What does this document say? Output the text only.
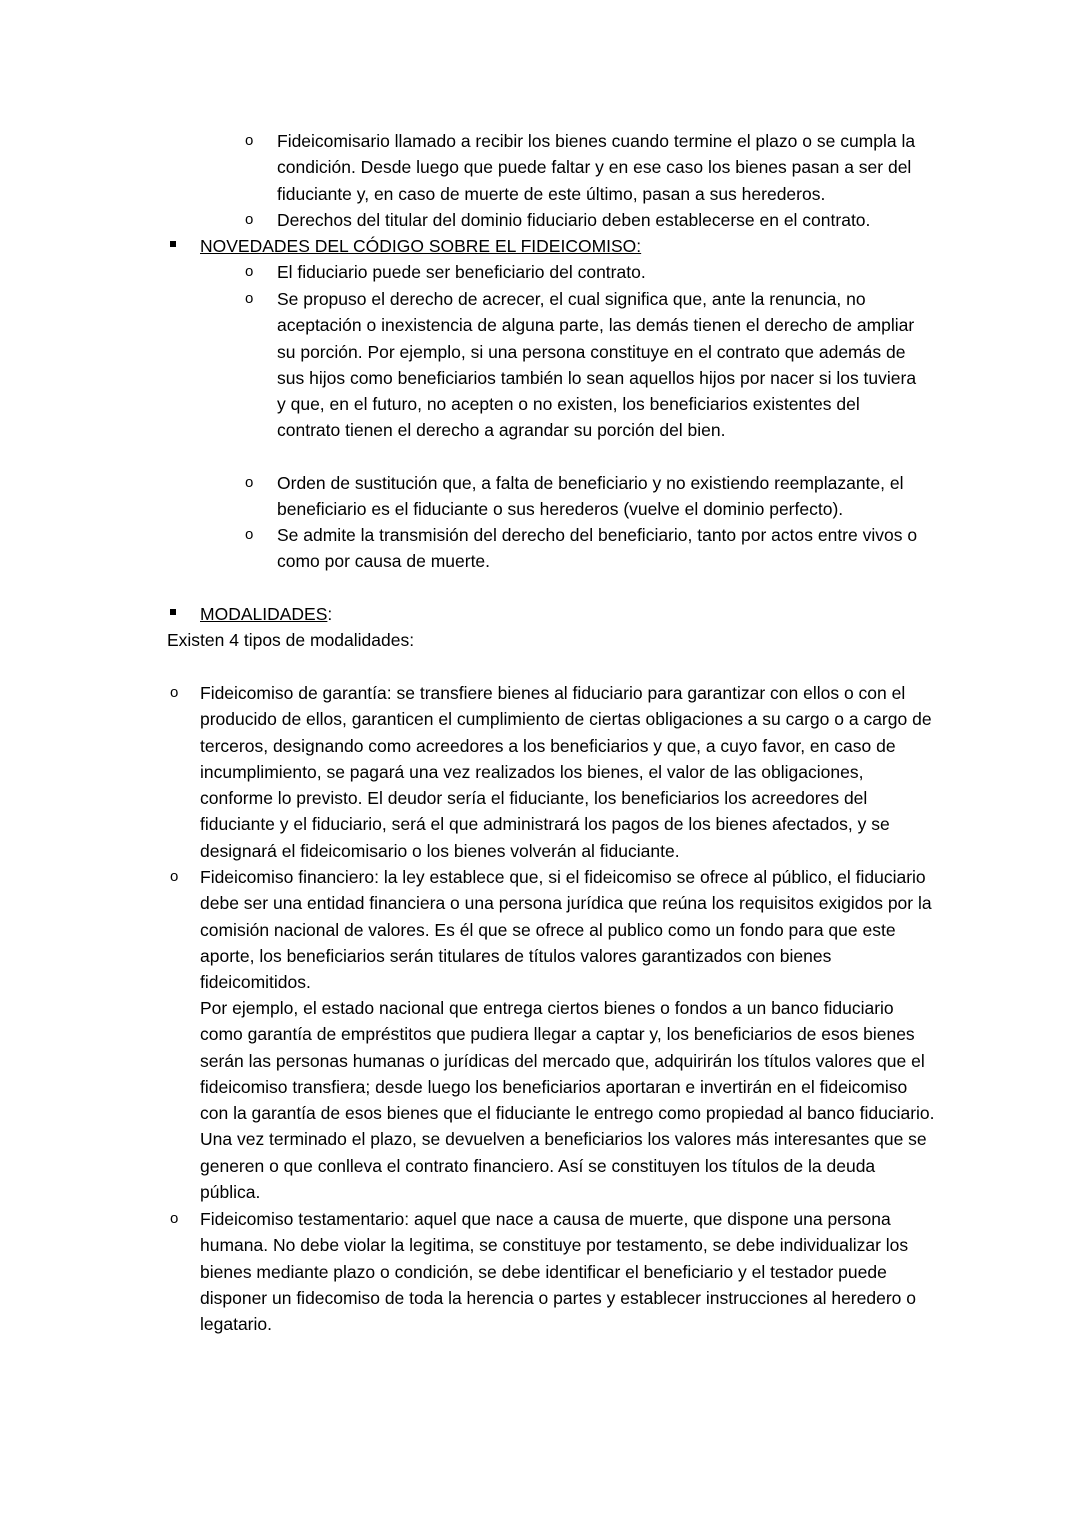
o Fideicomisario llamado a recibir los bienes cuando termine el plazo o se cumpla la condición. Desde luego que puede faltar y en ese caso los bienes pasan a ser del fiduciante y, en caso de muerte de este último, pasan a sus herederos.
o Derechos del titular del dominio fiduciario deben establecerse en el contrato.
NOVEDADES DEL CÓDIGO SOBRE EL FIDEICOMISO:
o El fiduciario puede ser beneficiario del contrato.
o Se propuso el derecho de acrecer, el cual significa que, ante la renuncia, no aceptación o inexistencia de alguna parte, las demás tienen el derecho de ampliar su porción. Por ejemplo, si una persona constituye en el contrato que además de sus hijos como beneficiarios también lo sean aquellos hijos por nacer si los tuviera y que, en el futuro, no acepten o no existen, los beneficiarios existentes del contrato tienen el derecho a agrandar su porción del bien.
o Orden de sustitución que, a falta de beneficiario y no existiendo reemplazante, el beneficiario es el fiduciante o sus herederos (vuelve el dominio perfecto).
o Se admite la transmisión del derecho del beneficiario, tanto por actos entre vivos o como por causa de muerte.
MODALIDADES:
Existen 4 tipos de modalidades:
o Fideicomiso de garantía: se transfiere bienes al fiduciario para garantizar con ellos o con el producido de ellos, garanticen el cumplimiento de ciertas obligaciones a su cargo o a cargo de terceros, designando como acreedores a los beneficiarios y que, a cuyo favor, en caso de incumplimiento, se pagará una vez realizados los bienes, el valor de las obligaciones, conforme lo previsto. El deudor sería el fiduciante, los beneficiarios los acreedores del fiduciante y el fiduciario, será el que administrará los pagos de los bienes afectados, y se designará el fideicomisario o los bienes volverán al fiduciante.
o Fideicomiso financiero: la ley establece que, si el fideicomiso se ofrece al público, el fiduciario debe ser una entidad financiera o una persona jurídica que reúna los requisitos exigidos por la comisión nacional de valores. Es él que se ofrece al publico como un fondo para que este aporte, los beneficiarios serán titulares de títulos valores garantizados con bienes fideicomitidos.
Por ejemplo, el estado nacional que entrega ciertos bienes o fondos a un banco fiduciario como garantía de empréstitos que pudiera llegar a captar y, los beneficiarios de esos bienes serán las personas humanas o jurídicas del mercado que, adquirirán los títulos valores que el fideicomiso transfiera; desde luego los beneficiarios aportaran e invertirán en el fideicomiso con la garantía de esos bienes que el fiduciante le entrego como propiedad al banco fiduciario. Una vez terminado el plazo, se devuelven a beneficiarios los valores más interesantes que se generen o que conlleva el contrato financiero. Así se constituyen los títulos de la deuda pública.
o Fideicomiso testamentario: aquel que nace a causa de muerte, que dispone una persona humana. No debe violar la legitima, se constituye por testamento, se debe individualizar los bienes mediante plazo o condición, se debe identificar el beneficiario y el testador puede disponer un fidecomiso de toda la herencia o partes y establecer instrucciones al heredero o legatario.
